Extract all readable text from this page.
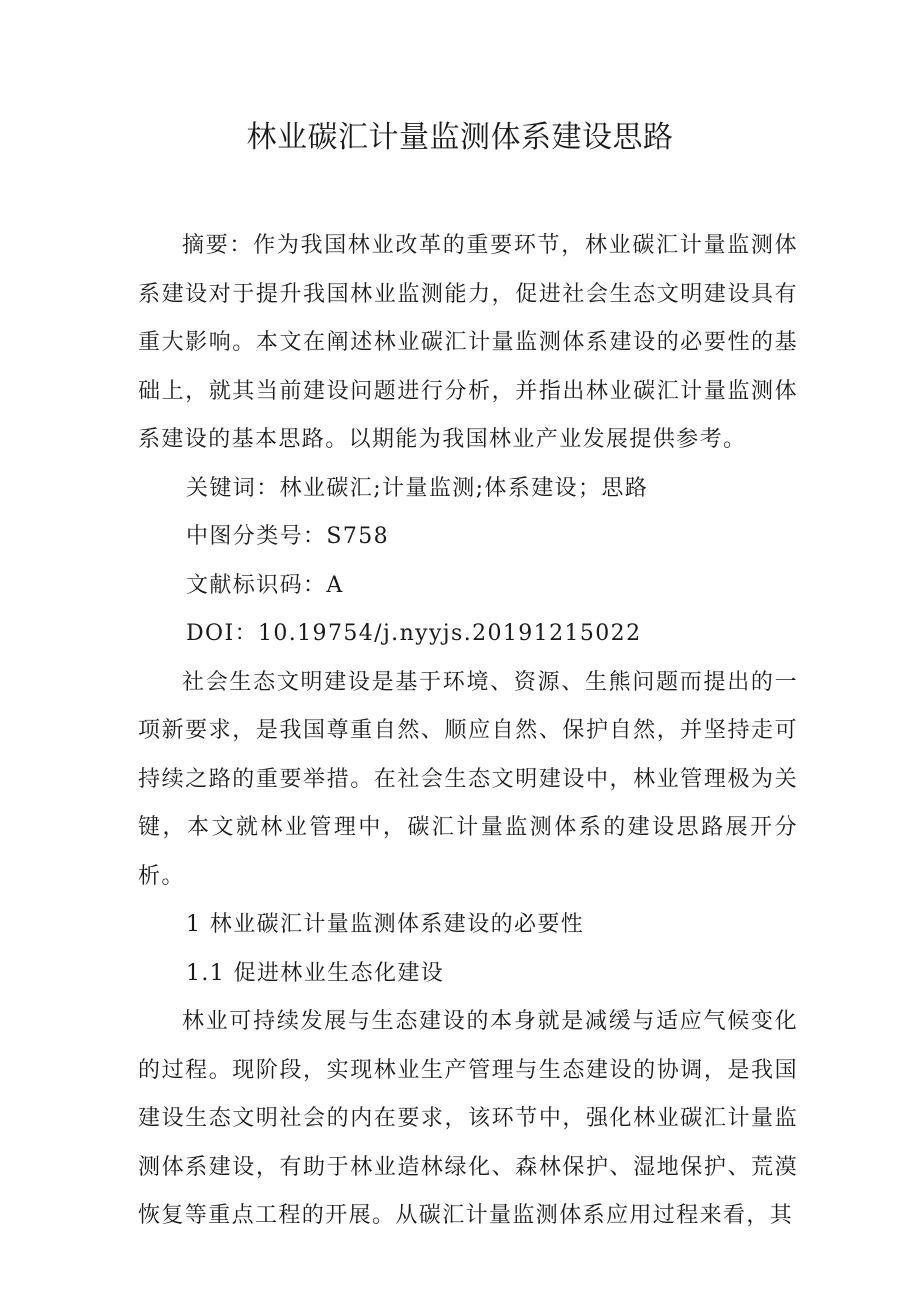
林业碳汇计量监测体系建设思路

摘要：作为我国林业改革的重要环节，林业碳汇计量监测体系建设对于提升我国林业监测能力，促进社会生态文明建设具有重大影响。本文在阐述林业碳汇计量监测体系建设的必要性的基础上，就其当前建设问题进行分析，并指出林业碳汇计量监测体系建设的基本思路。以期能为我国林业产业发展提供参考。

关键词：林业碳汇;计量监测;体系建设；思路

中图分类号：S758

文献标识码：A

DOI：10.19754/j.nyyjs.20191215022

社会生态文明建设是基于环境、资源、生熊问题而提出的一项新要求，是我国尊重自然、顺应自然、保护自然，并坚持走可持续之路的重要举措。在社会生态文明建设中，林业管理极为关键，本文就林业管理中，碳汇计量监测体系的建设思路展开分析。

1 林业碳汇计量监测体系建设的必要性

1.1 促进林业生态化建设

林业可持续发展与生态建设的本身就是减缓与适应气候变化的过程。现阶段，实现林业生产管理与生态建设的协调，是我国建设生态文明社会的内在要求，该环节中，强化林业碳汇计量监测体系建设，有助于林业造林绿化、森林保护、湿地保护、荒漠恢复等重点工程的开展。从碳汇计量监测体系应用过程来看，其
